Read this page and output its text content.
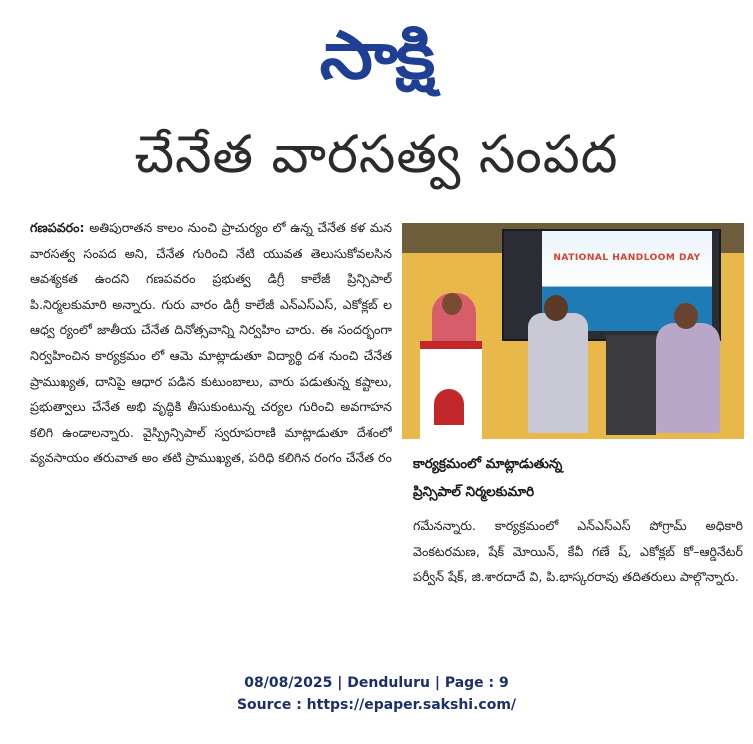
సాక్షి
చేనేత వారసత్వ సంపద
గణపవరం: అతిపురాతన కాలం నుంచి ప్రాచుర్యం లో ఉన్న చేనేత కళ మన వారసత్వ సంపద అని, చేనేత గురించి నేటి యువత తెలుసుకోవలసిన ఆవశ్యకత ఉందని గణపవరం ప్రభుత్వ డిగ్రీ కాలేజీ ప్రిన్సిపాల్ పి.నిర్మలకుమారి అన్నారు. గురు వారం డిగ్రీ కాలేజీ ఎన్ఎస్ఎస్, ఎకోక్లబ్ ల ఆధ్వ ర్యంలో జాతీయ చేనేత దినోత్సవాన్ని నిర్వహిం చారు. ఈ సందర్భంగా నిర్వహించిన కార్యక్రమం లో ఆమె మాట్లాడుతూ విద్యార్థి దశ నుంచి చేనేత ప్రాముఖ్యత, దానిపై ఆధార పడిన కుటుంబాలు, వారు పడుతున్న కష్టాలు, ప్రభుత్వాలు చేనేత అభి వృద్ధికి తీసుకుంటున్న చర్యల గురించి అవగాహన కలిగి ఉండాలన్నారు. వైస్ప్రిన్సిపాల్ స్వరూపరాణి మాట్లాడుతూ దేశంలో వ్యవసాయం తరువాత అం తటి ప్రాముఖ్యత, పరిధి కలిగిన రంగం చేనేత రం
NATIONAL HANDLOOM DAY
కార్యక్రమంలో మాట్లాడుతున్న
ప్రిన్సిపాల్ నిర్మలకుమారి
గమేనన్నారు. కార్యక్రమంలో ఎన్ఎస్ఎస్ పోగ్రామ్ అధికారి వెంకటరమణ, షేక్ మోయిన్, కేవీ గణే ష్, ఎకోక్లబ్ కో–ఆర్డినేటర్ పర్వీన్ షేక్, జి.శారదాదే వి, పి.భాస్కరరావు తదితరులు పాల్గొన్నారు.
08/08/2025 | Denduluru | Page : 9
Source : https://epaper.sakshi.com/
